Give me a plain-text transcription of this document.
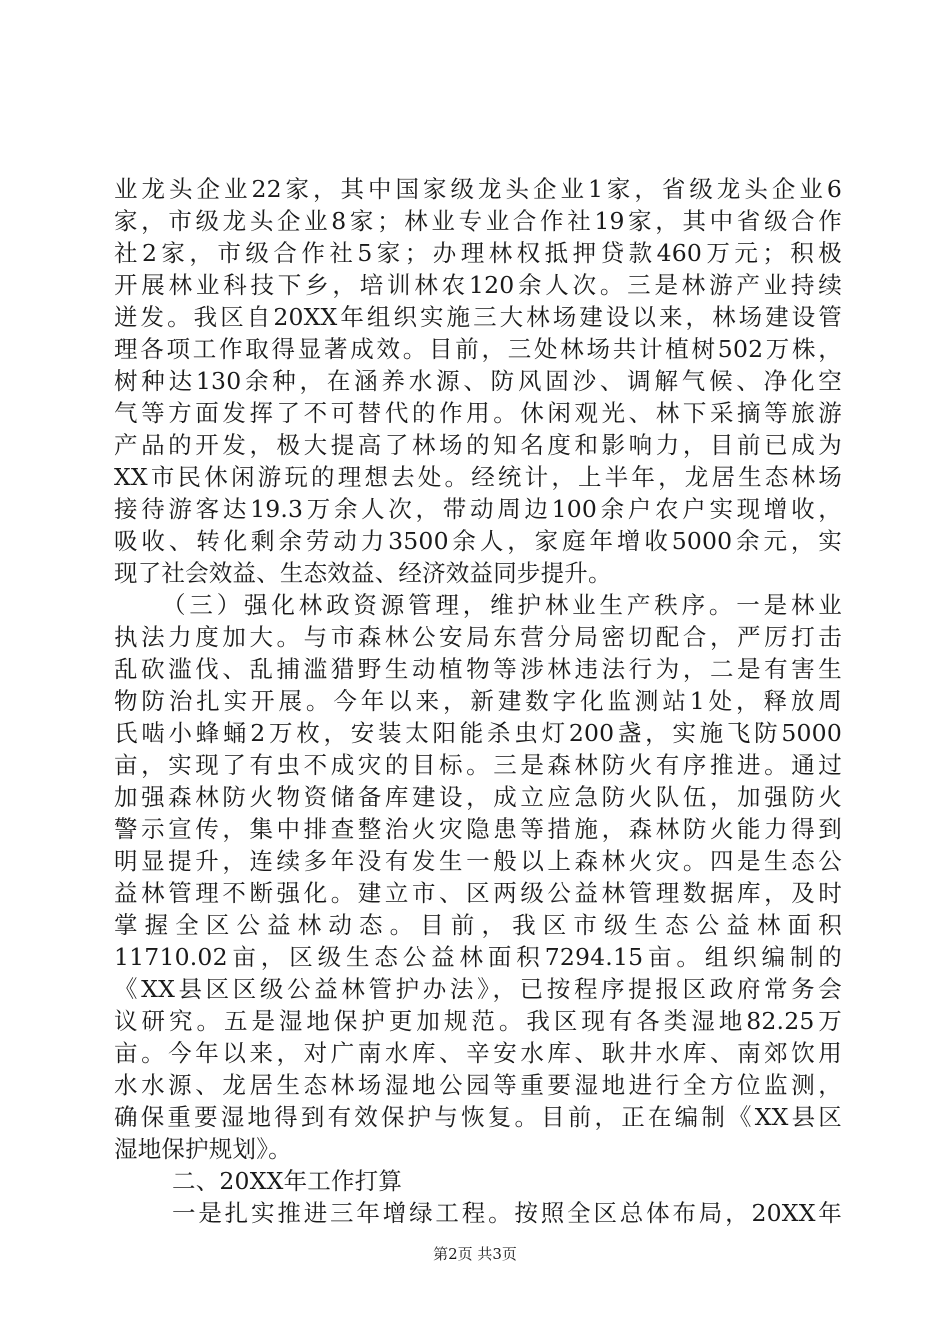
业龙头企业22家，其中国家级龙头企业1家，省级龙头企业6
家，市级龙头企业8家；林业专业合作社19家，其中省级合作
社2家，市级合作社5家；办理林权抵押贷款460万元；积极
开展林业科技下乡，培训林农120余人次。三是林游产业持续
迸发。我区自20XX年组织实施三大林场建设以来，林场建设管
理各项工作取得显著成效。目前，三处林场共计植树502万株，
树种达130余种，在涵养水源、防风固沙、调解气候、净化空
气等方面发挥了不可替代的作用。休闲观光、林下采摘等旅游
产品的开发，极大提高了林场的知名度和影响力，目前已成为
XX市民休闲游玩的理想去处。经统计，上半年，龙居生态林场
接待游客达19.3万余人次，带动周边100余户农户实现增收，
吸收、转化剩余劳动力3500余人，家庭年增收5000余元，实
现了社会效益、生态效益、经济效益同步提升。
（三）强化林政资源管理，维护林业生产秩序。一是林业
执法力度加大。与市森林公安局东营分局密切配合，严厉打击
乱砍滥伐、乱捕滥猎野生动植物等涉林违法行为，二是有害生
物防治扎实开展。今年以来，新建数字化监测站1处，释放周
氏啮小蜂蛹2万枚，安装太阳能杀虫灯200盏，实施飞防5000
亩，实现了有虫不成灾的目标。三是森林防火有序推进。通过
加强森林防火物资储备库建设，成立应急防火队伍，加强防火
警示宣传，集中排查整治火灾隐患等措施，森林防火能力得到
明显提升，连续多年没有发生一般以上森林火灾。四是生态公
益林管理不断强化。建立市、区两级公益林管理数据库，及时
掌握全区公益林动态。目前，我区市级生态公益林面积
11710.02亩，区级生态公益林面积7294.15亩。组织编制的
《XX县区区级公益林管护办法》，已按程序提报区政府常务会
议研究。五是湿地保护更加规范。我区现有各类湿地82.25万
亩。今年以来，对广南水库、辛安水库、耿井水库、南郊饮用
水水源、龙居生态林场湿地公园等重要湿地进行全方位监测，
确保重要湿地得到有效保护与恢复。目前，正在编制《XX县区
湿地保护规划》。
二、20XX年工作打算
一是扎实推进三年增绿工程。按照全区总体布局，20XX年
第2页 共3页
